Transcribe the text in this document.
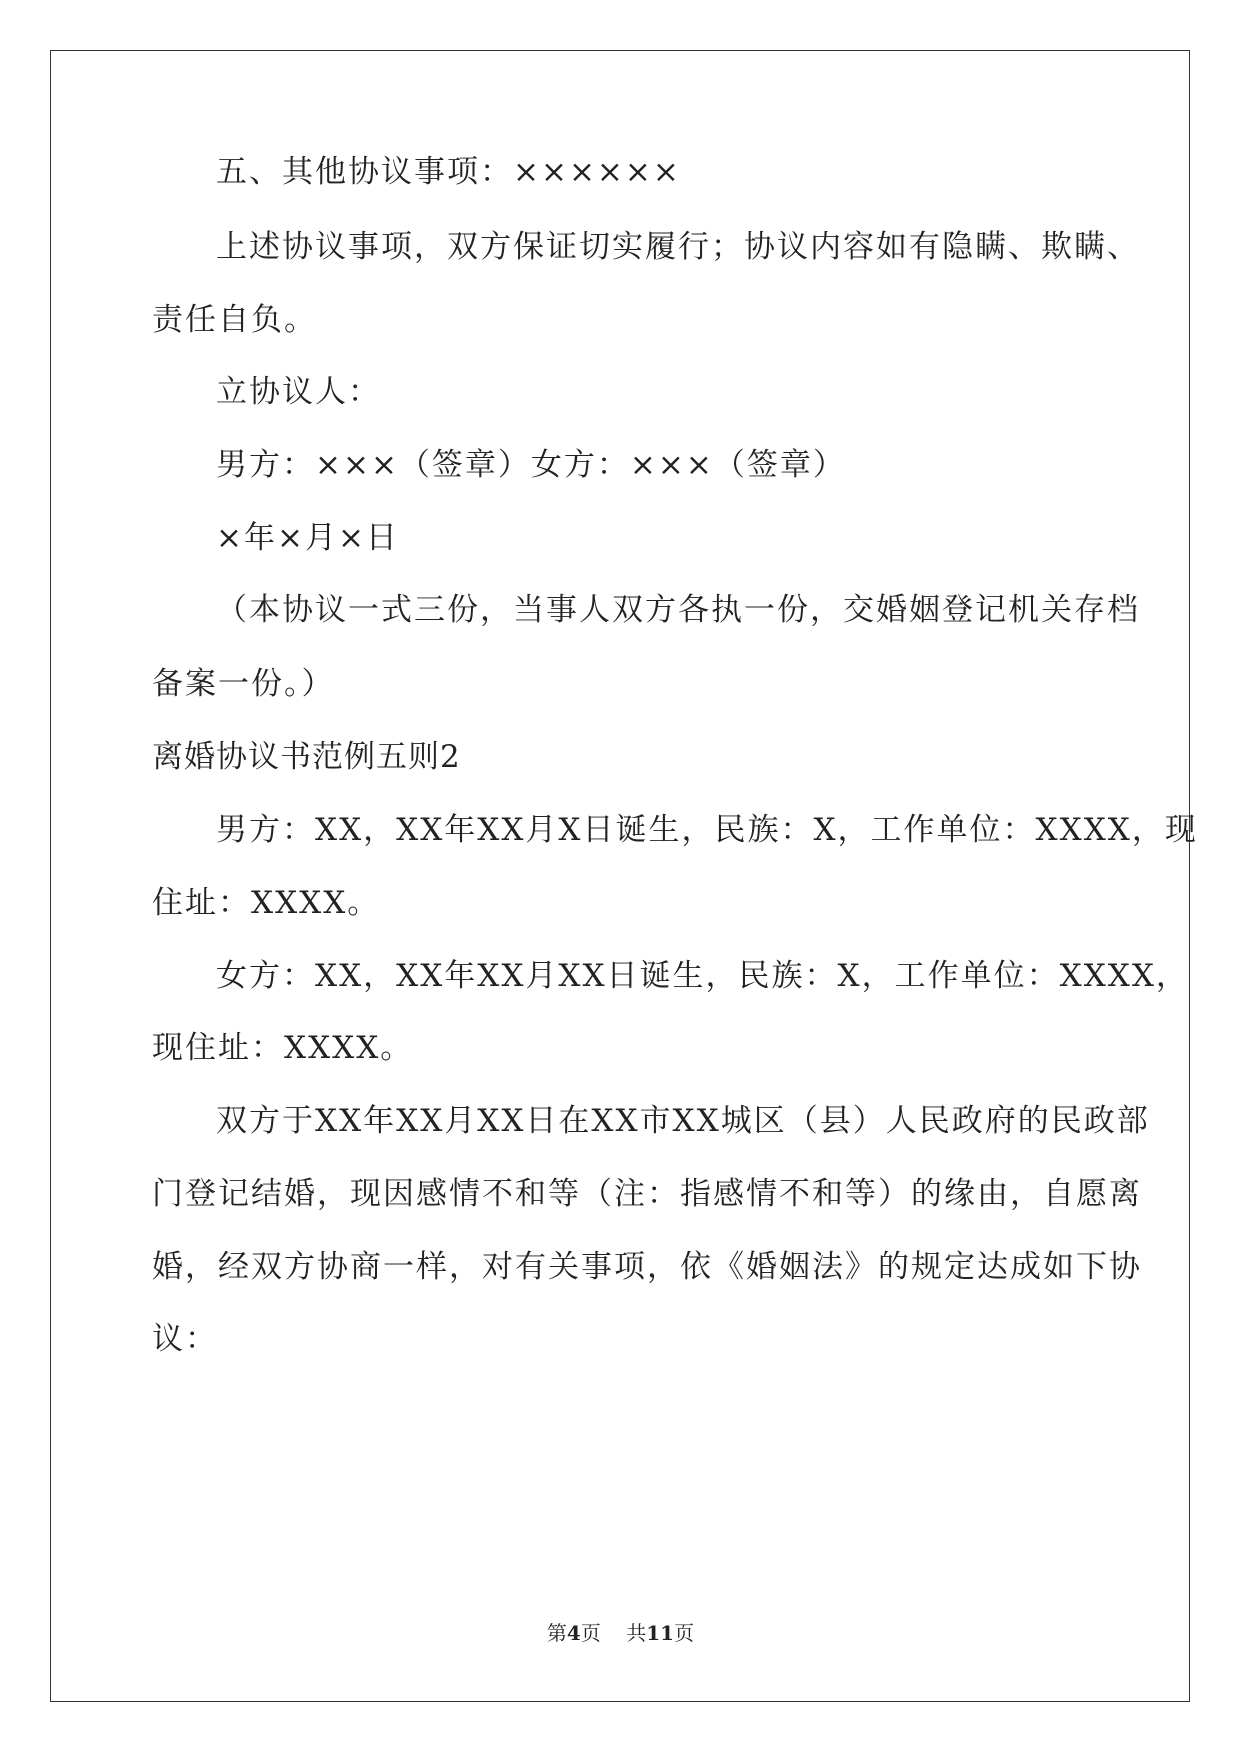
五、其他协议事项：××××××
上述协议事项，双方保证切实履行；协议内容如有隐瞒、欺瞒、
责任自负。
立协议人：
男方：×××（签章）女方：×××（签章）
×年×月×日
（本协议一式三份，当事人双方各执一份，交婚姻登记机关存档
备案一份。）
离婚协议书范例五则2
男方：XX，XX年XX月X日诞生，民族：X，工作单位：XXXX，现
住址：XXXX。
女方：XX，XX年XX月XX日诞生，民族：X，工作单位：XXXX，
现住址：XXXX。
双方于XX年XX月XX日在XX市XX城区（县）人民政府的民政部
门登记结婚，现因感情不和等（注：指感情不和等）的缘由，自愿离
婚，经双方协商一样，对有关事项，依《婚姻法》的规定达成如下协
议：
第4页    共11页
